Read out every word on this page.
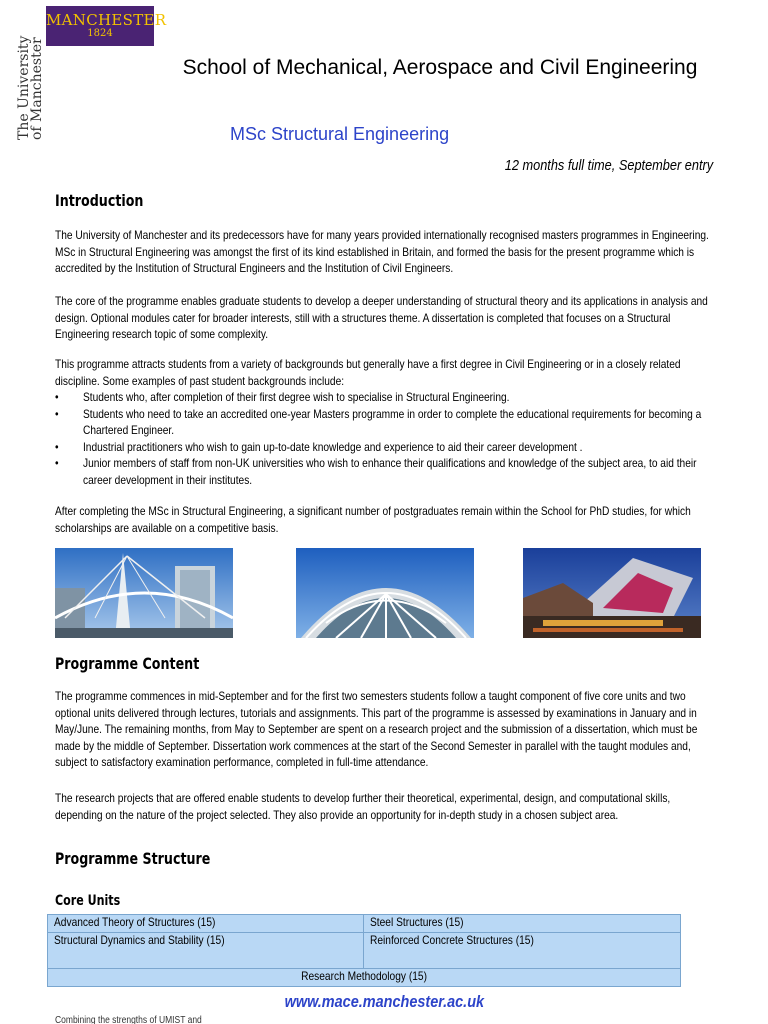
MANCHESTER
1824
The University
of Manchester	School of Mechanical, Aerospace and Civil Engineering
MSc Structural Engineering
12 months full time, September entry
Introduction
The University of Manchester and its predecessors have for many years provided internationally recognised masters programmes in Engineering. MSc in Structural Engineering was amongst the first of its kind established in Britain, and formed the basis for the present programme which is accredited by the Institution of Structural Engineers and the Institution of Civil Engineers.
The core of the programme enables graduate students to develop a deeper understanding of structural theory and its applications in analysis and design. Optional modules cater for broader interests, still with a structures theme. A dissertation is completed that focuses on a Structural Engineering research topic of some complexity.
This programme attracts students from a variety of backgrounds but generally have a first degree in Civil Engineering or in a closely related discipline. Some examples of past student backgrounds include:
• Students who, after completion of their first degree wish to specialise in Structural Engineering.
• Students who need to take an accredited one-year Masters programme in order to complete the educational requirements for becoming a Chartered Engineer.
• Industrial practitioners who wish to gain up-to-date knowledge and experience to aid their career development .
• Junior members of staff from non-UK universities who wish to enhance their qualifications and knowledge of the subject area, to aid their career development in their institutes.
After completing the MSc in Structural Engineering, a significant number of postgraduates remain within the School for PhD studies, for which scholarships are available on a competitive basis.
Programme Content
The programme commences in mid-September and for the first two semesters students follow a taught component of five core units and two optional units delivered through lectures, tutorials and assignments. This part of the programme is assessed by examinations in January and in May/June. The remaining months, from May to September are spent on a research project and the submission of a dissertation, which must be made by the middle of September. Dissertation work commences at the start of the Second Semester in parallel with the taught modules and, subject to satisfactory examination performance, completed in full-time attendance.
The research projects that are offered enable students to develop further their theoretical, experimental, design, and computational skills, depending on the nature of the project selected. They also provide an opportunity for in-depth study in a chosen subject area.
Programme Structure
Core Units
Advanced Theory of Structures (15)	Steel Structures (15)
Structural Dynamics and Stability (15)	Reinforced Concrete Structures (15)
Research Methodology (15)	
www.mace.manchester.ac.uk
Combining the strengths of UMIST and
